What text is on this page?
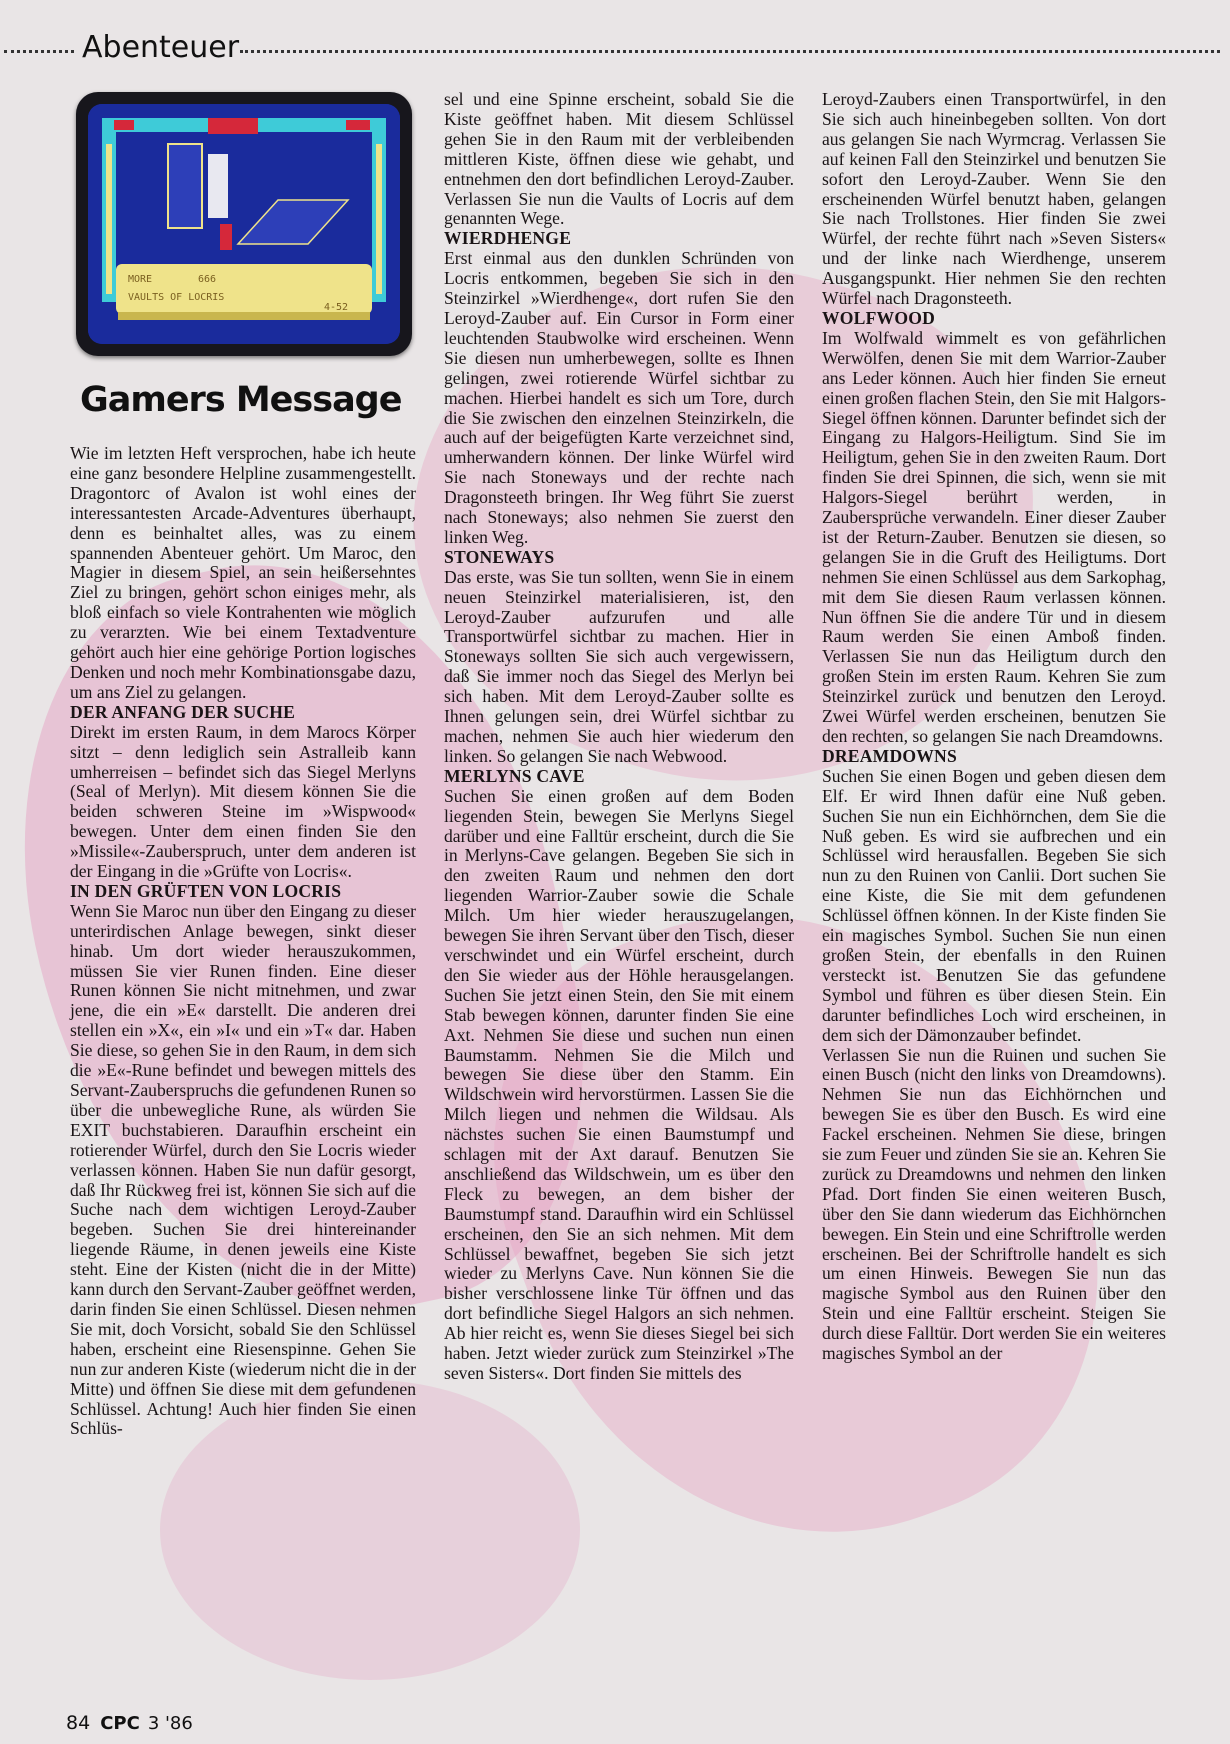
Abenteuer
MORE	666
VAULTS OF LOCRIS
4-52
Gamers Message

Wie im letzten Heft versprochen, habe ich heute eine ganz besondere Helpline zusammengestellt. Dragontorc of Avalon ist wohl eines der interessantesten Arcade-Adventures überhaupt, denn es beinhaltet alles, was zu einem spannenden Abenteuer gehört. Um Maroc, den Magier in diesem Spiel, an sein heißersehntes Ziel zu bringen, gehört schon einiges mehr, als bloß einfach so viele Kontrahenten wie möglich zu verarzten. Wie bei einem Textadventure gehört auch hier eine gehörige Portion logisches Denken und noch mehr Kombinationsgabe dazu, um ans Ziel zu gelangen.

DER ANFANG DER SUCHE

Direkt im ersten Raum, in dem Marocs Körper sitzt – denn lediglich sein Astralleib kann umherreisen – befindet sich das Siegel Merlyns (Seal of Merlyn). Mit diesem können Sie die beiden schweren Steine im »Wispwood« bewegen. Unter dem einen finden Sie den »Missile«-Zauberspruch, unter dem anderen ist der Eingang in die »Grüfte von Locris«.

IN DEN GRÜFTEN VON LOCRIS

Wenn Sie Maroc nun über den Eingang zu dieser unterirdischen Anlage bewegen, sinkt dieser hinab. Um dort wieder herauszukommen, müssen Sie vier Runen finden. Eine dieser Runen können Sie nicht mitnehmen, und zwar jene, die ein »E« darstellt. Die anderen drei stellen ein »X«, ein »I« und ein »T« dar. Haben Sie diese, so gehen Sie in den Raum, in dem sich die »E«-Rune befindet und bewegen mittels des Servant-Zauberspruchs die gefundenen Runen so über die unbewegliche Rune, als würden Sie EXIT buchstabieren. Daraufhin erscheint ein rotierender Würfel, durch den Sie Locris wieder verlassen können. Haben Sie nun dafür gesorgt, daß Ihr Rückweg frei ist, können Sie sich auf die Suche nach dem wichtigen Leroyd-Zauber begeben. Suchen Sie drei hintereinander liegende Räume, in denen jeweils eine Kiste steht. Eine der Kisten (nicht die in der Mitte) kann durch den Servant-Zauber geöffnet werden, darin finden Sie einen Schlüssel. Diesen nehmen Sie mit, doch Vorsicht, sobald Sie den Schlüssel haben, erscheint eine Riesenspinne. Gehen Sie nun zur anderen Kiste (wiederum nicht die in der Mitte) und öffnen Sie diese mit dem gefundenen Schlüssel. Achtung! Auch hier finden Sie einen Schlüs-

sel und eine Spinne erscheint, sobald Sie die Kiste geöffnet haben. Mit diesem Schlüssel gehen Sie in den Raum mit der verbleibenden mittleren Kiste, öffnen diese wie gehabt, und entnehmen den dort befindlichen Leroyd-Zauber. Verlassen Sie nun die Vaults of Locris auf dem genannten Wege.

WIERDHENGE

Erst einmal aus den dunklen Schründen von Locris entkommen, begeben Sie sich in den Steinzirkel »Wierdhenge«, dort rufen Sie den Leroyd-Zauber auf. Ein Cursor in Form einer leuchtenden Staubwolke wird erscheinen. Wenn Sie diesen nun umherbewegen, sollte es Ihnen gelingen, zwei rotierende Würfel sichtbar zu machen. Hierbei handelt es sich um Tore, durch die Sie zwischen den einzelnen Steinzirkeln, die auch auf der beigefügten Karte verzeichnet sind, umherwandern können. Der linke Würfel wird Sie nach Stoneways und der rechte nach Dragonsteeth bringen. Ihr Weg führt Sie zuerst nach Stoneways; also nehmen Sie zuerst den linken Weg.

STONEWAYS

Das erste, was Sie tun sollten, wenn Sie in einem neuen Steinzirkel materialisieren, ist, den Leroyd-Zauber aufzurufen und alle Transportwürfel sichtbar zu machen. Hier in Stoneways sollten Sie sich auch vergewissern, daß Sie immer noch das Siegel des Merlyn bei sich haben. Mit dem Leroyd-Zauber sollte es Ihnen gelungen sein, drei Würfel sichtbar zu machen, nehmen Sie auch hier wiederum den linken. So gelangen Sie nach Webwood.

MERLYNS CAVE

Suchen Sie einen großen auf dem Boden liegenden Stein, bewegen Sie Merlyns Siegel darüber und eine Falltür erscheint, durch die Sie in Merlyns-Cave gelangen. Begeben Sie sich in den zweiten Raum und nehmen den dort liegenden Warrior-Zauber sowie die Schale Milch. Um hier wieder herauszugelangen, bewegen Sie ihren Servant über den Tisch, dieser verschwindet und ein Würfel erscheint, durch den Sie wieder aus der Höhle herausgelangen. Suchen Sie jetzt einen Stein, den Sie mit einem Stab bewegen können, darunter finden Sie eine Axt. Nehmen Sie diese und suchen nun einen Baumstamm. Nehmen Sie die Milch und bewegen Sie diese über den Stamm. Ein Wildschwein wird hervorstürmen. Lassen Sie die Milch liegen und nehmen die Wildsau. Als nächstes suchen Sie einen Baumstumpf und schlagen mit der Axt darauf. Benutzen Sie anschließend das Wildschwein, um es über den Fleck zu bewegen, an dem bisher der Baumstumpf stand. Daraufhin wird ein Schlüssel erscheinen, den Sie an sich nehmen. Mit dem Schlüssel bewaffnet, begeben Sie sich jetzt wieder zu Merlyns Cave. Nun können Sie die bisher verschlossene linke Tür öffnen und das dort befindliche Siegel Halgors an sich nehmen. Ab hier reicht es, wenn Sie dieses Siegel bei sich haben. Jetzt wieder zurück zum Steinzirkel »The seven Sisters«. Dort finden Sie mittels des

Leroyd-Zaubers einen Transportwürfel, in den Sie sich auch hineinbegeben sollten. Von dort aus gelangen Sie nach Wyrmcrag. Verlassen Sie auf keinen Fall den Steinzirkel und benutzen Sie sofort den Leroyd-Zauber. Wenn Sie den erscheinenden Würfel benutzt haben, gelangen Sie nach Trollstones. Hier finden Sie zwei Würfel, der rechte führt nach »Seven Sisters« und der linke nach Wierdhenge, unserem Ausgangspunkt. Hier nehmen Sie den rechten Würfel nach Dragonsteeth.

WOLFWOOD

Im Wolfwald wimmelt es von gefährlichen Werwölfen, denen Sie mit dem Warrior-Zauber ans Leder können. Auch hier finden Sie erneut einen großen flachen Stein, den Sie mit Halgors-Siegel öffnen können. Darunter befindet sich der Eingang zu Halgors-Heiligtum. Sind Sie im Heiligtum, gehen Sie in den zweiten Raum. Dort finden Sie drei Spinnen, die sich, wenn sie mit Halgors-Siegel berührt werden, in Zaubersprüche verwandeln. Einer dieser Zauber ist der Return-Zauber. Benutzen sie diesen, so gelangen Sie in die Gruft des Heiligtums. Dort nehmen Sie einen Schlüssel aus dem Sarkophag, mit dem Sie diesen Raum verlassen können. Nun öffnen Sie die andere Tür und in diesem Raum werden Sie einen Amboß finden. Verlassen Sie nun das Heiligtum durch den großen Stein im ersten Raum. Kehren Sie zum Steinzirkel zurück und benutzen den Leroyd. Zwei Würfel werden erscheinen, benutzen Sie den rechten, so gelangen Sie nach Dreamdowns.

DREAMDOWNS

Suchen Sie einen Bogen und geben diesen dem Elf. Er wird Ihnen dafür eine Nuß geben. Suchen Sie nun ein Eichhörnchen, dem Sie die Nuß geben. Es wird sie aufbrechen und ein Schlüssel wird herausfallen. Begeben Sie sich nun zu den Ruinen von Canlii. Dort suchen Sie eine Kiste, die Sie mit dem gefundenen Schlüssel öffnen können. In der Kiste finden Sie ein magisches Symbol. Suchen Sie nun einen großen Stein, der ebenfalls in den Ruinen versteckt ist. Benutzen Sie das gefundene Symbol und führen es über diesen Stein. Ein darunter befindliches Loch wird erscheinen, in dem sich der Dämonzauber befindet.

Verlassen Sie nun die Ruinen und suchen Sie einen Busch (nicht den links von Dreamdowns). Nehmen Sie nun das Eichhörnchen und bewegen Sie es über den Busch. Es wird eine Fackel erscheinen. Nehmen Sie diese, bringen sie zum Feuer und zünden Sie sie an. Kehren Sie zurück zu Dreamdowns und nehmen den linken Pfad. Dort finden Sie einen weiteren Busch, über den Sie dann wiederum das Eichhörnchen bewegen. Ein Stein und eine Schriftrolle werden erscheinen. Bei der Schriftrolle handelt es sich um einen Hinweis. Bewegen Sie nun das magische Symbol aus den Ruinen über den Stein und eine Falltür erscheint. Steigen Sie durch diese Falltür. Dort werden Sie ein weiteres magisches Symbol an der

84 CPC 3 '86
